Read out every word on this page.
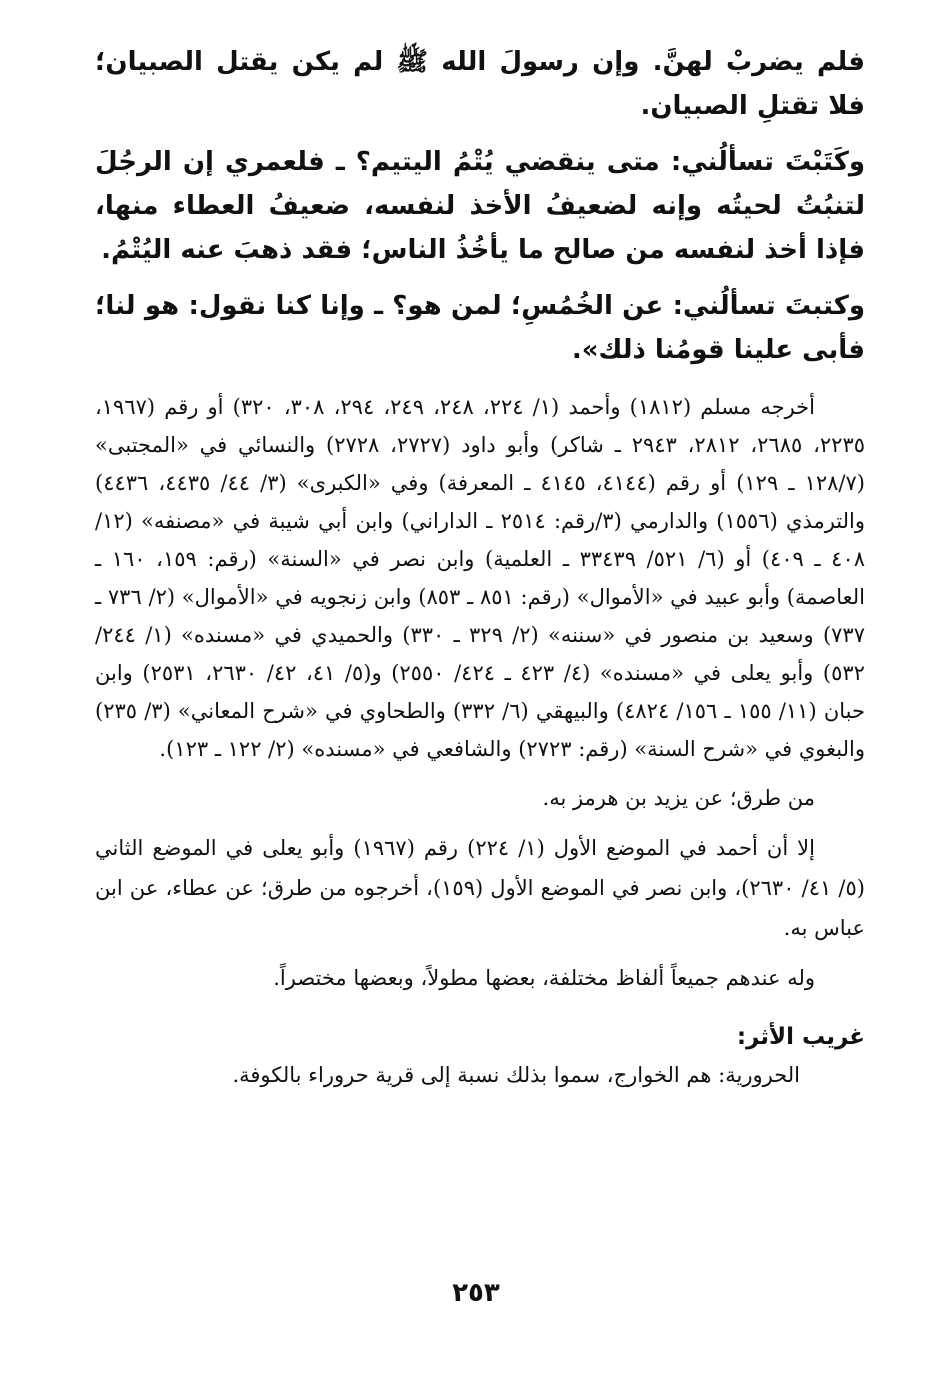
فلم يضربْ لهنَّ. وإن رسولَ الله ﷺ لم يكن يقتل الصبيان؛ فلا تقتلِ الصبيان.

وكَتَبْتَ تسألُني: متى ينقضي يُتْمُ اليتيم؟ ـ فلعمري إن الرجُلَ لتنبُتُ لحيتُه وإنه لضعيفُ الأخذ لنفسه، ضعيفُ العطاء منها، فإذا أخذ لنفسه من صالح ما يأخُذُ الناس؛ فقد ذهبَ عنه اليُتْمُ.

وكتبتَ تسألُني: عن الخُمُسِ؛ لمن هو؟ ـ وإنا كنا نقول: هو لنا؛ فأبى علينا قومُنا ذلك».

أخرجه مسلم (١٨١٢) وأحمد (١/ ٢٢٤، ٢٤٨، ٢٤٩، ٢٩٤، ٣٠٨، ٣٢٠) أو رقم (١٩٦٧، ٢٢٣٥، ٢٦٨٥، ٢٨١٢، ٢٩٤٣ ـ شاكر) وأبو داود (٢٧٢٧، ٢٧٢٨) والنسائي في «المجتبى» (١٢٨/٧ ـ ١٢٩) أو رقم (٤١٤٤، ٤١٤٥ ـ المعرفة) وفي «الكبرى» (٣/ ٤٤/ ٤٤٣٥، ٤٤٣٦) والترمذي (١٥٥٦) والدارمي (٣/رقم: ٢٥١٤ ـ الداراني) وابن أبي شيبة في «مصنفه» (١٢/ ٤٠٨ ـ ٤٠٩) أو (٦/ ٥٢١/ ٣٣٤٣٩ ـ العلمية) وابن نصر في «السنة» (رقم: ١٥٩، ١٦٠ ـ العاصمة) وأبو عبيد في «الأموال» (رقم: ٨٥١ ـ ٨٥٣) وابن زنجويه في «الأموال» (٢/ ٧٣٦ ـ ٧٣٧) وسعيد بن منصور في «سننه» (٢/ ٣٢٩ ـ ٣٣٠) والحميدي في «مسنده» (١/ ٢٤٤/ ٥٣٢) وأبو يعلى في «مسنده» (٤/ ٤٢٣ ـ ٤٢٤/ ٢٥٥٠) و(٥/ ٤١، ٤٢/ ٢٦٣٠، ٢٥٣١) وابن حبان (١١/ ١٥٥ ـ ١٥٦/ ٤٨٢٤) والبيهقي (٦/ ٣٣٢) والطحاوي في «شرح المعاني» (٣/ ٢٣٥) والبغوي في «شرح السنة» (رقم: ٢٧٢٣) والشافعي في «مسنده» (٢/ ١٢٢ ـ ١٢٣).

من طرق؛ عن يزيد بن هرمز به.

إلا أن أحمد في الموضع الأول (١/ ٢٢٤) رقم (١٩٦٧) وأبو يعلى في الموضع الثاني (٥/ ٤١/ ٢٦٣٠)، وابن نصر في الموضع الأول (١٥٩)، أخرجوه من طرق؛ عن عطاء، عن ابن عباس به.

وله عندهم جميعاً ألفاظ مختلفة، بعضها مطولاً، وبعضها مختصراً.

غريب الأثر:

الحرورية: هم الخوارج، سموا بذلك نسبة إلى قرية حروراء بالكوفة.

٢٥٣
